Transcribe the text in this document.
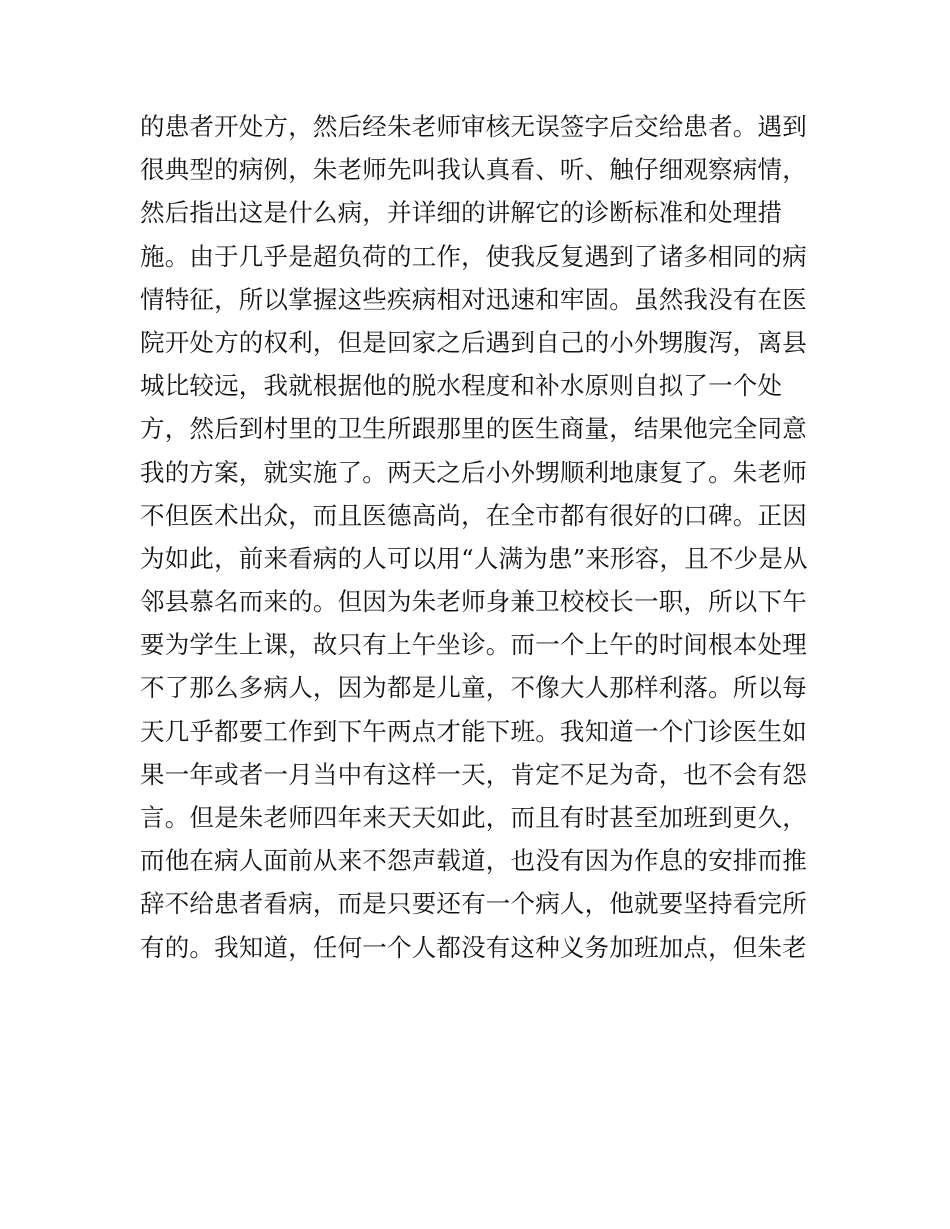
的患者开处方，然后经朱老师审核无误签字后交给患者。遇到
很典型的病例，朱老师先叫我认真看、听、触仔细观察病情，
然后指出这是什么病，并详细的讲解它的诊断标准和处理措
施。由于几乎是超负荷的工作，使我反复遇到了诸多相同的病
情特征，所以掌握这些疾病相对迅速和牢固。虽然我没有在医
院开处方的权利，但是回家之后遇到自己的小外甥腹泻，离县
城比较远，我就根据他的脱水程度和补水原则自拟了一个处
方，然后到村里的卫生所跟那里的医生商量，结果他完全同意
我的方案，就实施了。两天之后小外甥顺利地康复了。朱老师
不但医术出众，而且医德高尚，在全市都有很好的口碑。正因
为如此，前来看病的人可以用“人满为患”来形容，且不少是从
邻县慕名而来的。但因为朱老师身兼卫校校长一职，所以下午
要为学生上课，故只有上午坐诊。而一个上午的时间根本处理
不了那么多病人，因为都是儿童，不像大人那样利落。所以每
天几乎都要工作到下午两点才能下班。我知道一个门诊医生如
果一年或者一月当中有这样一天，肯定不足为奇，也不会有怨
言。但是朱老师四年来天天如此，而且有时甚至加班到更久，
而他在病人面前从来不怨声载道，也没有因为作息的安排而推
辞不给患者看病，而是只要还有一个病人，他就要坚持看完所
有的。我知道，任何一个人都没有这种义务加班加点，但朱老
